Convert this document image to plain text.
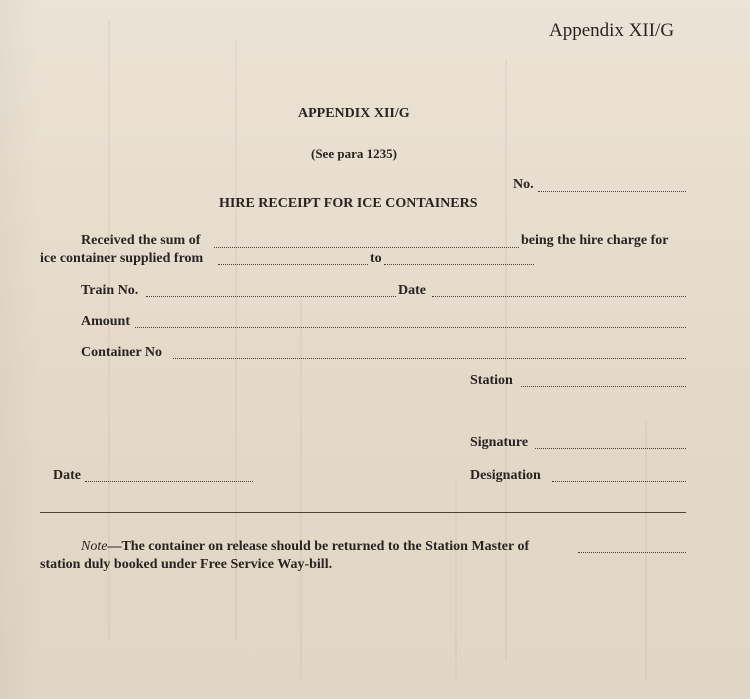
Appendix XII/G
APPENDIX XII/G
(See para 1235)
No.
HIRE RECEIPT FOR ICE CONTAINERS
Received the sum of	being the hire charge for
ice container supplied from	to
Train No.	Date
Amount
Container No
Station
Signature
Date	Designation
Note—The container on release should be returned to the Station Master of
station duly booked under Free Service Way-bill.
